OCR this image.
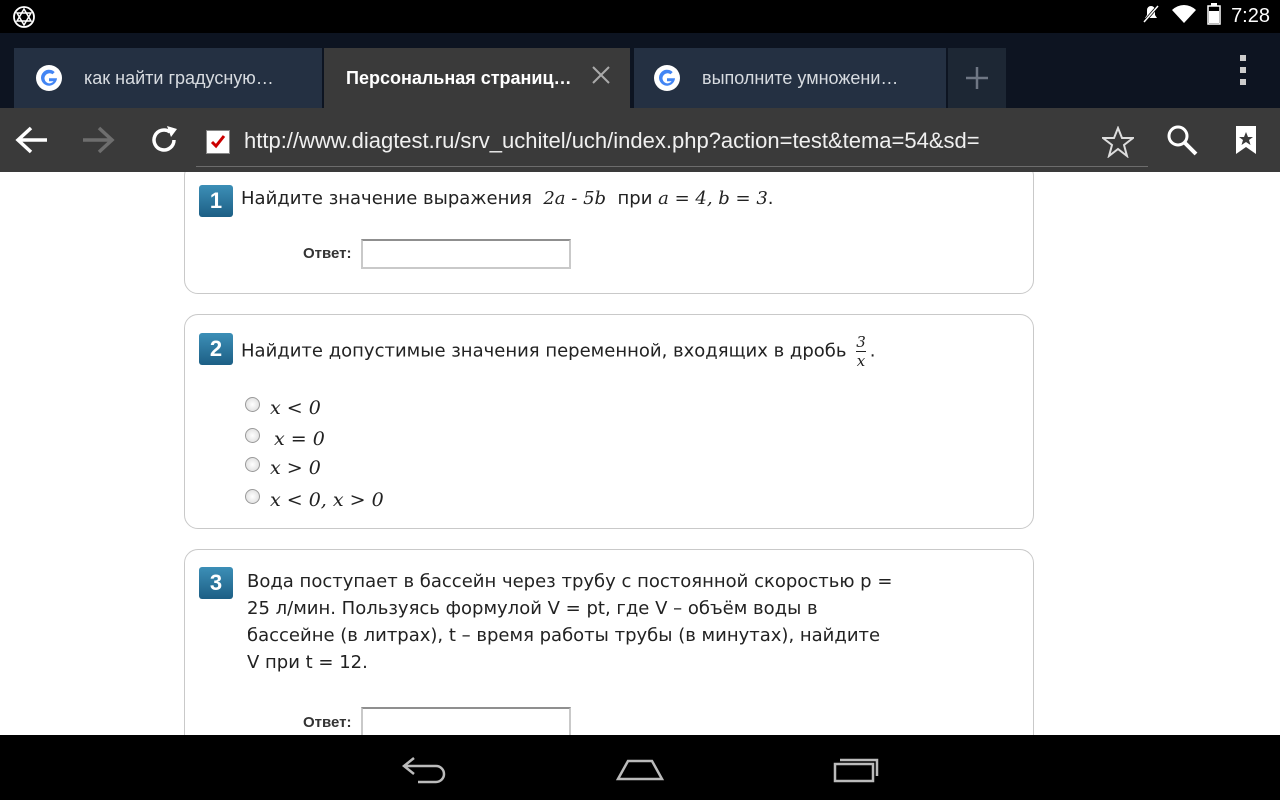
7:28
как найти градусную…	Персональная страниц…	выполните умножени…
http://www.diagtest.ru/srv_uchitel/uch/index.php?action=test&tema=54&sd=
1	Найдите значение выражения 2a - 5b при a = 4, b = 3.
Ответ:
2	Найдите допустимые значения переменной, входящих в дробь $\frac{3}{x}$ .
x < 0
x = 0
x > 0
x < 0, x > 0
3	Вода поступает в бассейн через трубу с постоянной скоростью p =
25 л/мин. Пользуясь формулой V = pt, где V – объём воды в
бассейне (в литрах), t – время работы трубы (в минутах), найдите
V при t = 12.
Ответ:
